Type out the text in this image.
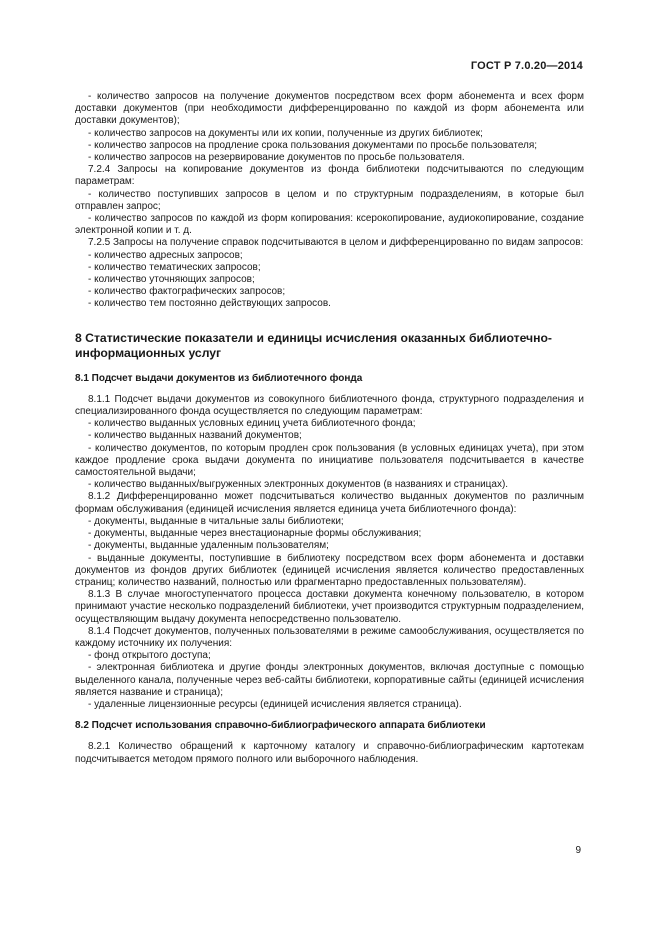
ГОСТ Р 7.0.20—2014

- количество запросов на получение документов посредством всех форм абонемента и всех форм доставки документов (при необходимости дифференцированно по каждой из форм абонемента или доставки документов);

- количество запросов на документы или их копии, полученные из других библиотек;

- количество запросов на продление срока пользования документами по просьбе пользователя;

- количество запросов на резервирование документов по просьбе пользователя.

7.2.4 Запросы на копирование документов из фонда библиотеки подсчитываются по следующим параметрам:

- количество поступивших запросов в целом и по структурным подразделениям, в которые был отправлен запрос;

- количество запросов по каждой из форм копирования: ксерокопирование, аудиокопирование, создание электронной копии и т. д.

7.2.5 Запросы на получение справок подсчитываются в целом и дифференцированно по видам запросов:

- количество адресных запросов;

- количество тематических запросов;

- количество уточняющих запросов;

- количество фактографических запросов;

- количество тем постоянно действующих запросов.

8 Статистические показатели и единицы исчисления оказанных библиотечно-информационных услуг

8.1 Подсчет выдачи документов из библиотечного фонда

8.1.1 Подсчет выдачи документов из совокупного библиотечного фонда, структурного подразделения и специализированного фонда осуществляется по следующим параметрам:

- количество выданных условных единиц учета библиотечного фонда;

- количество выданных названий документов;

- количество документов, по которым продлен срок пользования (в условных единицах учета), при этом каждое продление срока выдачи документа по инициативе пользователя подсчитывается в качестве самостоятельной выдачи;

- количество выданных/выгруженных электронных документов (в названиях и страницах).

8.1.2 Дифференцированно может подсчитываться количество выданных документов по различным формам обслуживания (единицей исчисления является единица учета библиотечного фонда):

- документы, выданные в читальные залы библиотеки;

- документы, выданные через внестационарные формы обслуживания;

- документы, выданные удаленным пользователям;

- выданные документы, поступившие в библиотеку посредством всех форм абонемента и доставки документов из фондов других библиотек (единицей исчисления является количество предоставленных страниц; количество названий, полностью или фрагментарно предоставленных пользователям).

8.1.3 В случае многоступенчатого процесса доставки документа конечному пользователю, в котором принимают участие несколько подразделений библиотеки, учет производится структурным подразделением, осуществляющим выдачу документа непосредственно пользователю.

8.1.4 Подсчет документов, полученных пользователями в режиме самообслуживания, осуществляется по каждому источнику их получения:

- фонд открытого доступа;

- электронная библиотека и другие фонды электронных документов, включая доступные с помощью выделенного канала, полученные через веб-сайты библиотеки, корпоративные сайты (единицей исчисления является название и страница);

- удаленные лицензионные ресурсы (единицей исчисления является страница).

8.2 Подсчет использования справочно-библиографического аппарата библиотеки

8.2.1 Количество обращений к карточному каталогу и справочно-библиографическим картотекам подсчитывается методом прямого полного или выборочного наблюдения.

9
